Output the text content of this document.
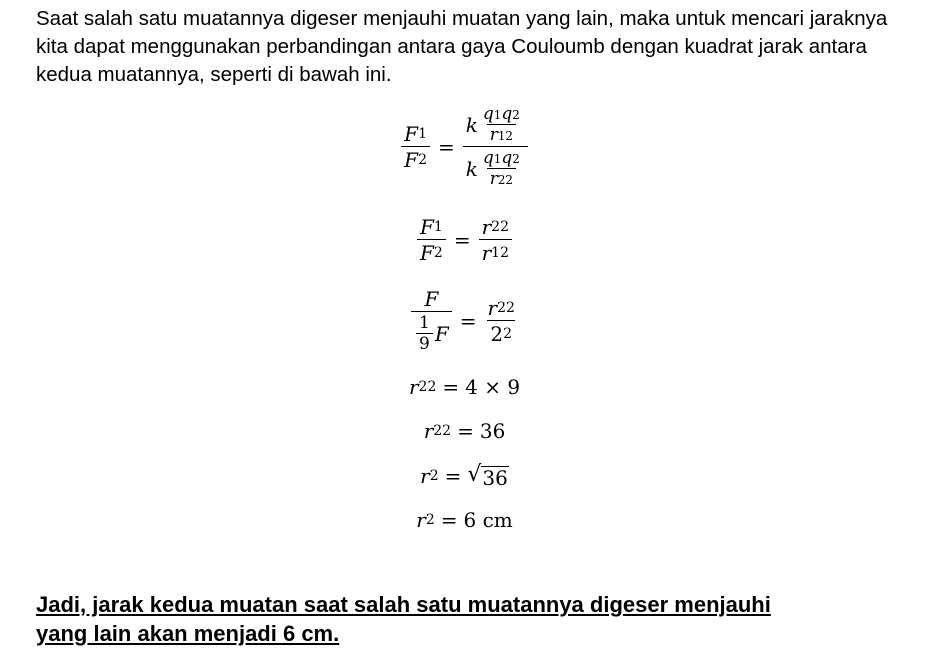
Saat salah satu muatannya digeser menjauhi muatan yang lain, maka untuk mencari jaraknya kita dapat menggunakan perbandingan antara gaya Couloumb dengan kuadrat jarak antara kedua muatannya, seperti di bawah ini.

$\frac{F 1}{F 2} = \frac{k \frac{q 1 q 2}{r 1 2}}{k \frac{q 1 q 2}{r 2 2}}$
$\frac{F 1}{F 2} = \frac{r 2 2}{r 1 2}$
$\frac{F}{\frac{1}{9} F} = \frac{r 2 2}{2 2}$
r 2 2 = 4 × 9
r 2 2 = 36
r 2 = √ 36
r 2 = 6 cm

Jadi, jarak kedua muatan saat salah satu muatannya digeser menjauhi
yang lain akan menjadi 6 cm.
